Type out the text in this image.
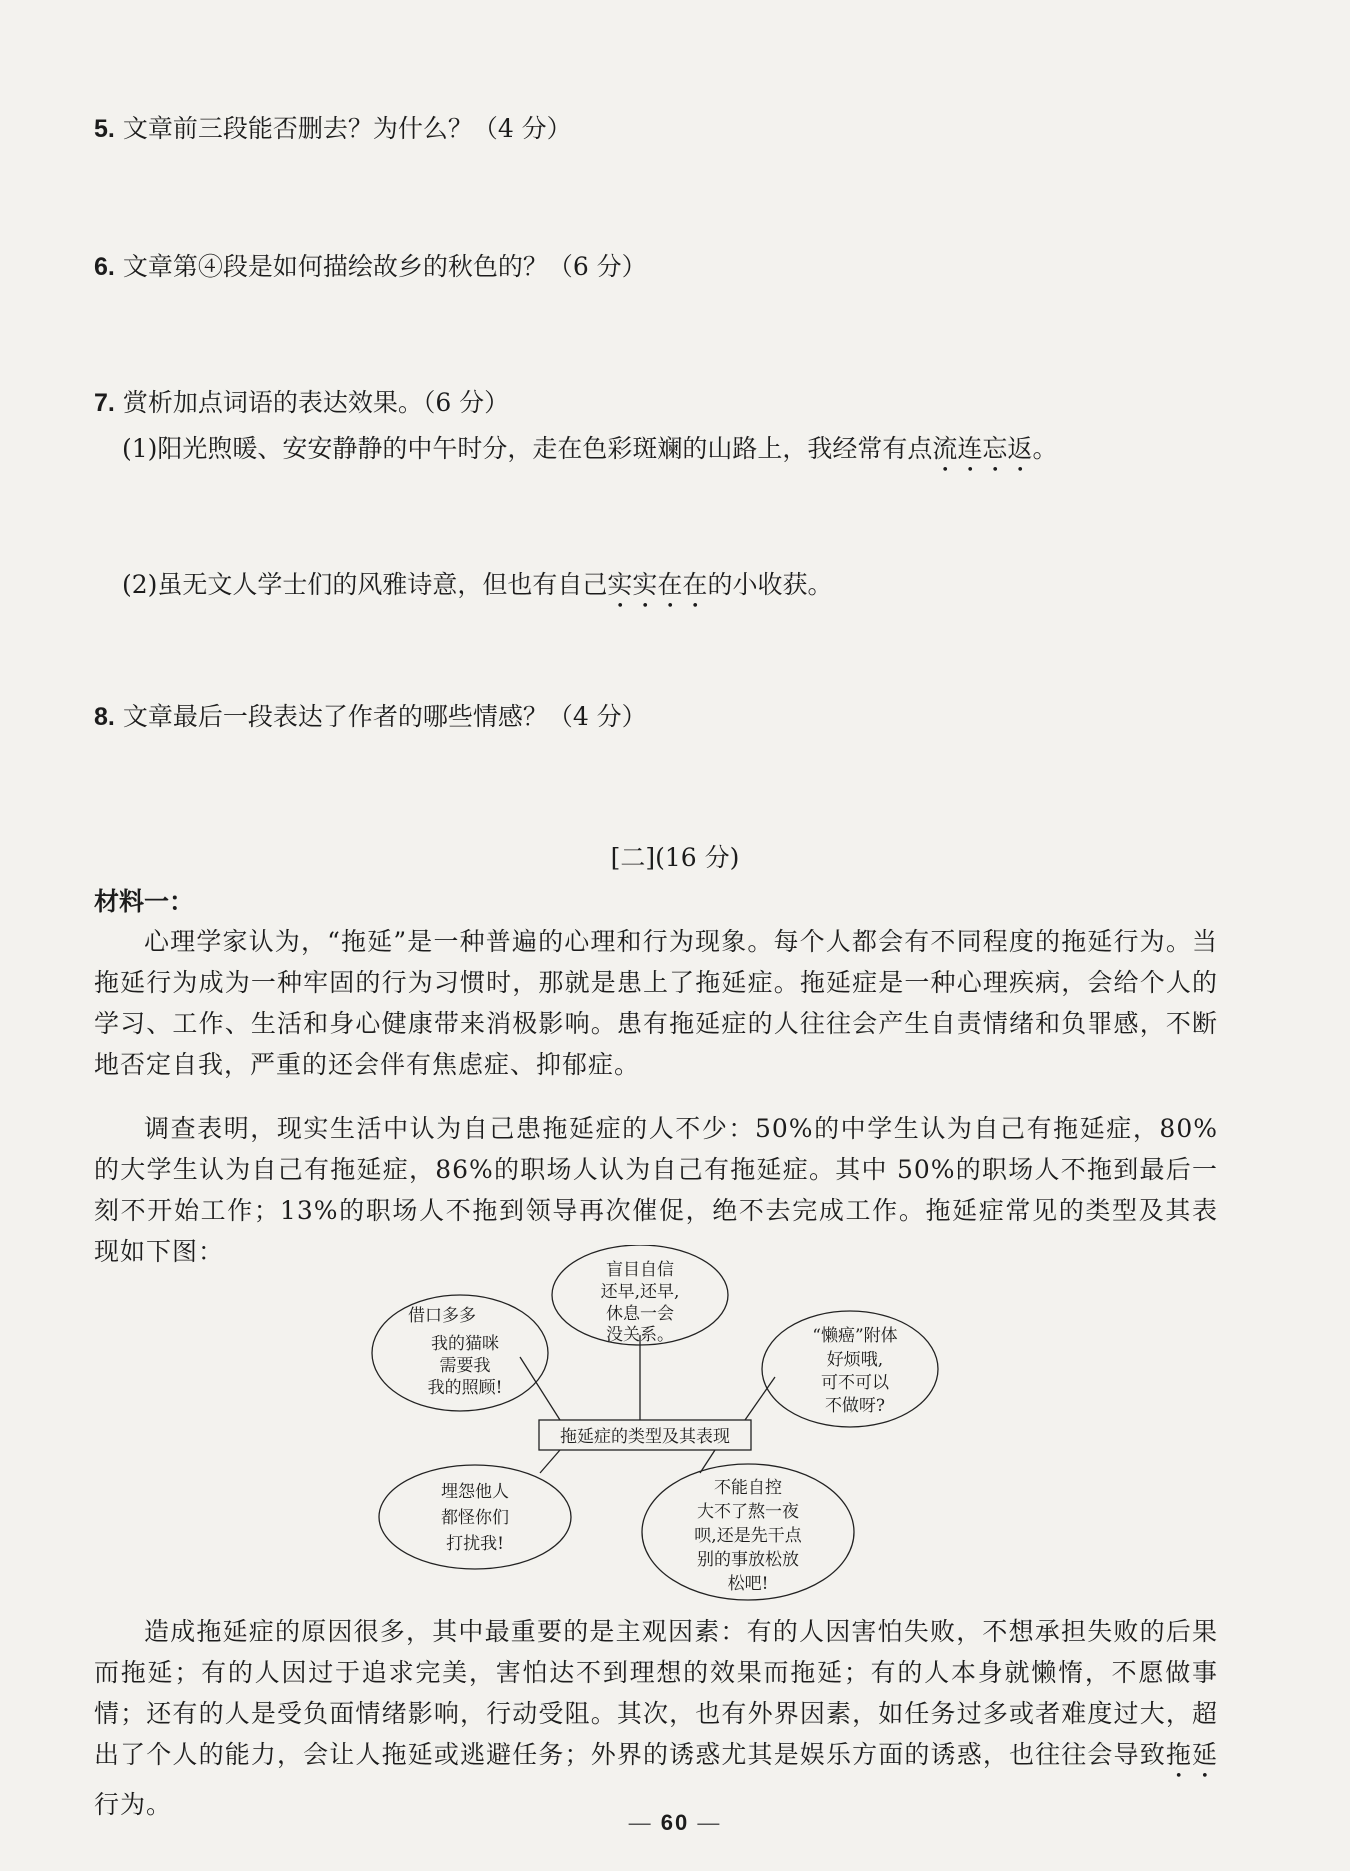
5. 文章前三段能否删去？为什么？（4 分）
6. 文章第④段是如何描绘故乡的秋色的？（6 分）
7. 赏析加点词语的表达效果。（6 分）
(1)阳光煦暖、安安静静的中午时分，走在色彩斑斓的山路上，我经常有点流连忘返。
(2)虽无文人学士们的风雅诗意，但也有自己实实在在的小收获。
8. 文章最后一段表达了作者的哪些情感？（4 分）
[二](16 分)
材料一：
心理学家认为，“拖延”是一种普遍的心理和行为现象。每个人都会有不同程度的拖延行为。当拖延行为成为一种牢固的行为习惯时，那就是患上了拖延症。拖延症是一种心理疾病，会给个人的学习、工作、生活和身心健康带来消极影响。患有拖延症的人往往会产生自责情绪和负罪感，不断地否定自我，严重的还会伴有焦虑症、抑郁症。
调查表明，现实生活中认为自己患拖延症的人不少：50%的中学生认为自己有拖延症，80%的大学生认为自己有拖延症，86%的职场人认为自己有拖延症。其中 50%的职场人不拖到最后一刻不开始工作；13%的职场人不拖到领导再次催促，绝不去完成工作。拖延症常见的类型及其表现如下图：
拖延症的类型及其表现
盲目自信
还早,还早,
休息一会
没关系。
借口多多
我的猫咪
需要我
我的照顾!
“懒癌”附体
好烦哦,
可不可以
不做呀?
埋怨他人
都怪你们
打扰我!
不能自控
大不了熬一夜
呗,还是先干点
别的事放松放
松吧!
造成拖延症的原因很多，其中最重要的是主观因素：有的人因害怕失败，不想承担失败的后果而拖延；有的人因过于追求完美，害怕达不到理想的效果而拖延；有的人本身就懒惰，不愿做事情；还有的人是受负面情绪影响，行动受阻。其次，也有外界因素，如任务过多或者难度过大，超出了个人的能力，会让人拖延或逃避任务；外界的诱惑尤其是娱乐方面的诱惑，也往往会导致拖延行为。
— 60 —
